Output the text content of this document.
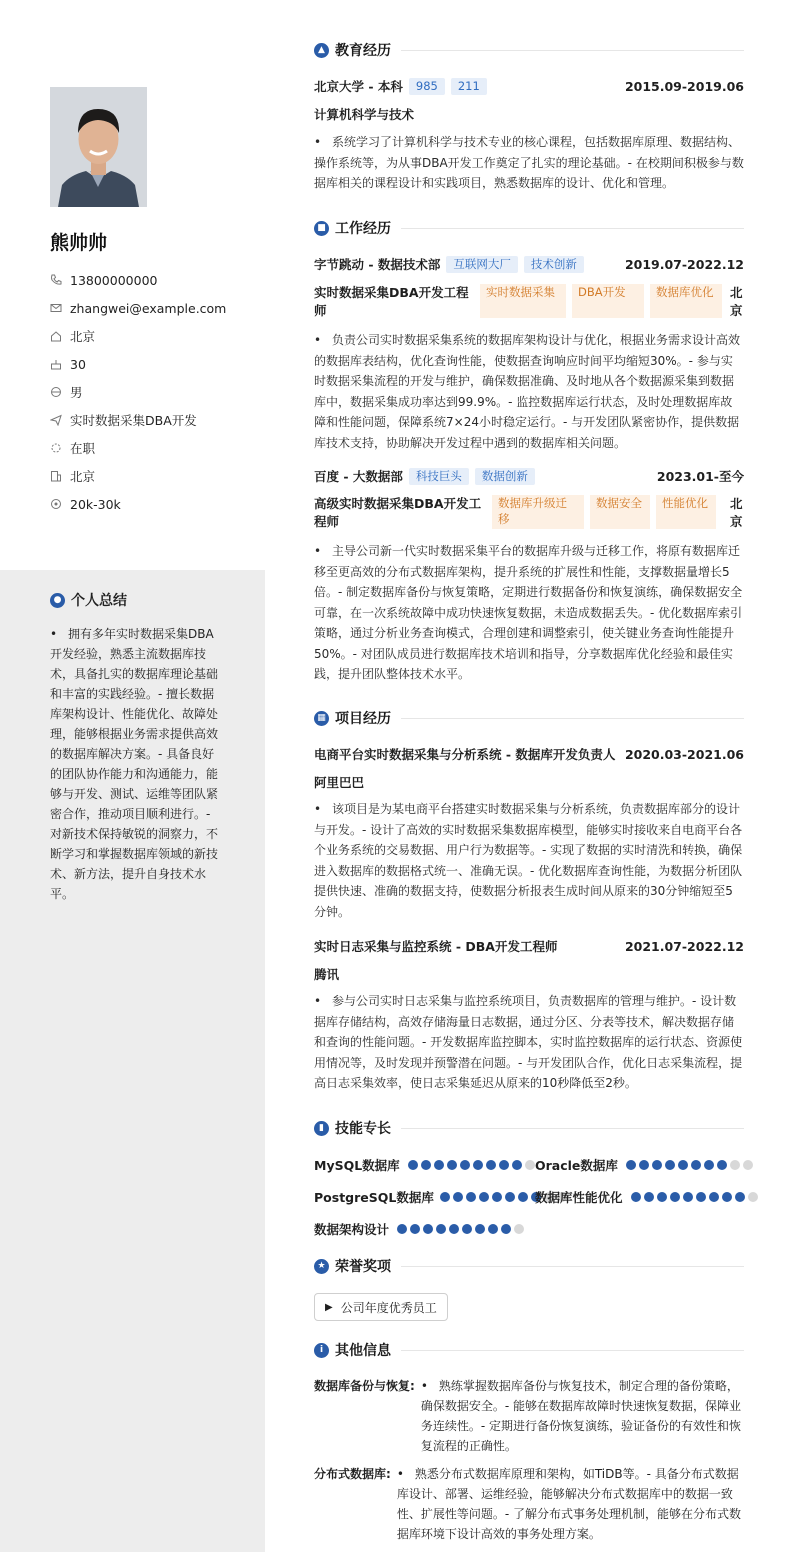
熊帅帅
13800000000
zhangwei@example.com
北京
30
男
实时数据采集DBA开发
在职
北京
20k-30k
● 个人总结
• 拥有多年实时数据采集DBA开发经验，熟悉主流数据库技术，具备扎实的数据库理论基础和丰富的实践经验。- 擅长数据库架构设计、性能优化、故障处理，能够根据业务需求提供高效的数据库解决方案。- 具备良好的团队协作能力和沟通能力，能够与开发、测试、运维等团队紧密合作，推动项目顺利进行。- 对新技术保持敏锐的洞察力，不断学习和掌握数据库领域的新技术、新方法，提升自身技术水平。
▲ 教育经历
北京大学 - 本科	985	211	2015.09-2019.06
计算机科学与技术
• 系统学习了计算机科学与技术专业的核心课程，包括数据库原理、数据结构、操作系统等，为从事DBA开发工作奠定了扎实的理论基础。- 在校期间积极参与数据库相关的课程设计和实践项目，熟悉数据库的设计、优化和管理。
■ 工作经历
字节跳动 - 数据技术部	互联网大厂	技术创新	2019.07-2022.12
实时数据采集DBA开发工程师
实时数据采集	DBA开发	数据库优化	北京
• 负责公司实时数据采集系统的数据库架构设计与优化，根据业务需求设计高效的数据库表结构，优化查询性能，使数据查询响应时间平均缩短30%。- 参与实时数据采集流程的开发与维护，确保数据准确、及时地从各个数据源采集到数据库中，数据采集成功率达到99.9%。- 监控数据库运行状态，及时处理数据库故障和性能问题，保障系统7×24小时稳定运行。- 与开发团队紧密协作，提供数据库技术支持，协助解决开发过程中遇到的数据库相关问题。
百度 - 大数据部	科技巨头	数据创新	2023.01-至今
高级实时数据采集DBA开发工程师
数据库升级迁移
数据安全	性能优化	北京
• 主导公司新一代实时数据采集平台的数据库升级与迁移工作，将原有数据库迁移至更高效的分布式数据库架构，提升系统的扩展性和性能，支撑数据量增长5倍。- 制定数据库备份与恢复策略，定期进行数据备份和恢复演练，确保数据安全可靠，在一次系统故障中成功快速恢复数据，未造成数据丢失。- 优化数据库索引策略，通过分析业务查询模式，合理创建和调整索引，使关键业务查询性能提升50%。- 对团队成员进行数据库技术培训和指导，分享数据库优化经验和最佳实践，提升团队整体技术水平。
▦ 项目经历
电商平台实时数据采集与分析系统 - 数据库开发负责人 2020.03-2021.06
阿里巴巴
• 该项目是为某电商平台搭建实时数据采集与分析系统，负责数据库部分的设计与开发。- 设计了高效的实时数据采集数据库模型，能够实时接收来自电商平台各个业务系统的交易数据、用户行为数据等。- 实现了数据的实时清洗和转换，确保进入数据库的数据格式统一、准确无误。- 优化数据库查询性能，为数据分析团队提供快速、准确的数据支持，使数据分析报表生成时间从原来的30分钟缩短至5分钟。
实时日志采集与监控系统 - DBA开发工程师	2021.07-2022.12
腾讯
• 参与公司实时日志采集与监控系统项目，负责数据库的管理与维护。- 设计数据库存储结构，高效存储海量日志数据，通过分区、分表等技术，解决数据存储和查询的性能问题。- 开发数据库监控脚本，实时监控数据库的运行状态、资源使用情况等，及时发现并预警潜在问题。- 与开发团队合作，优化日志采集流程，提高日志采集效率，使日志采集延迟从原来的10秒降低至2秒。
▮ 技能专长
MySQL数据库	Oracle数据库
PostgreSQL数据库	数据库性能优化
数据架构设计
★ 荣誉奖项
▶ 公司年度优秀员工
i 其他信息
数据库备份与恢复: • 熟练掌握数据库备份与恢复技术，制定合理的备份策略，确保数据安全。- 能够在数据库故障时快速恢复数据，保障业务连续性。- 定期进行备份恢复演练，验证备份的有效性和恢复流程的正确性。
分布式数据库: • 熟悉分布式数据库原理和架构，如TiDB等。- 具备分布式数据库设计、部署、运维经验，能够解决分布式数据库中的数据一致性、扩展性等问题。- 了解分布式事务处理机制，能够在分布式数据库环境下设计高效的事务处理方案。
